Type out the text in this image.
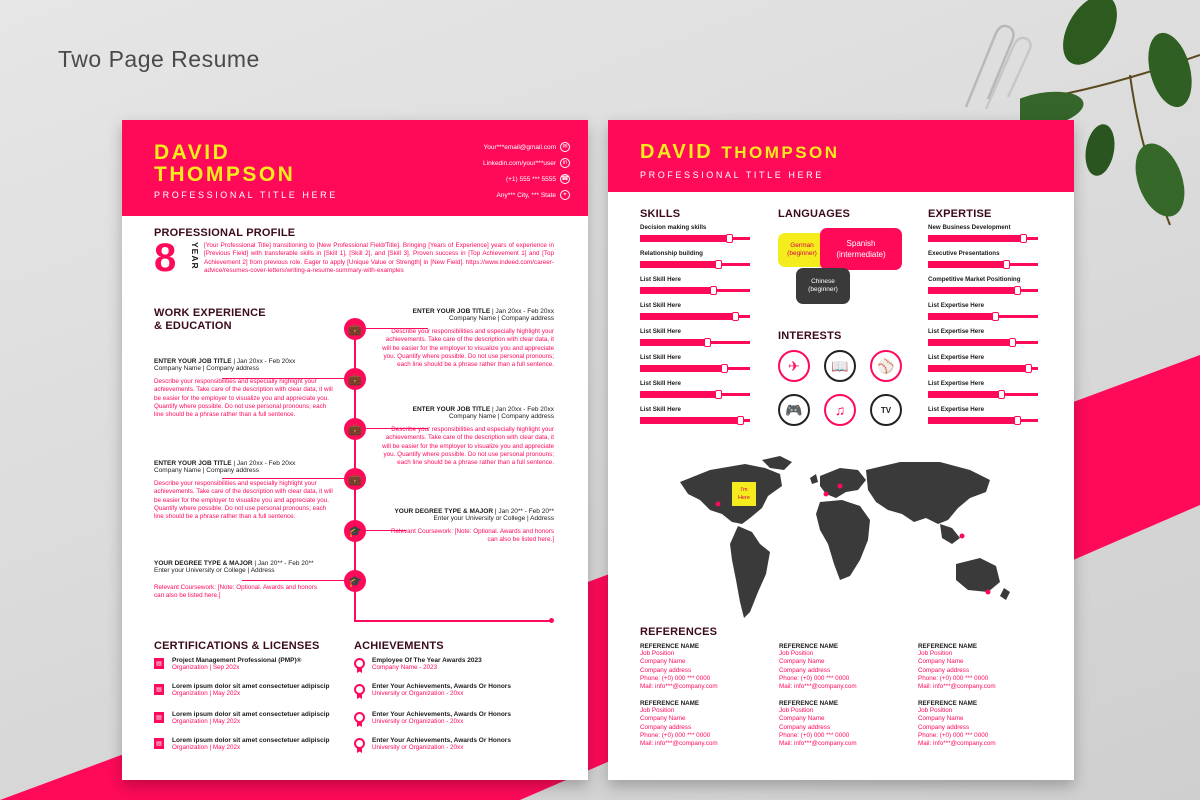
Two Page Resume
DAVID
THOMPSON
PROFESSIONAL TITLE HERE
Your***email@gmail.com	✉
Linkedin.com/your***user	in
(+1) 555 *** 5555 ☎
Any*** City, *** State	⌖
PROFESSIONAL PROFILE
8 YEAR [Your Professional Title] transitioning to [New Professional Field/Title]. Bringing [Years of Experience] years of experience in [Previous Field] with transferable skills in [Skill 1], [Skill 2], and [Skill 3]. Proven success in [Top Achievement 1] and [Top Achievement 2] from previous role. Eager to apply [Unique Value or Strength] in [New Field]. https://www.indeed.com/career-advice/resumes-cover-letters/writing-a-resume-summary-with-examples
WORK EXPERIENCE
& EDUCATION	💼
💼
💼
💼
🎓
🎓
ENTER YOUR JOB TITLE | Jan 20xx - Feb 20xx
Company Name | Company address
Describe your responsibilities and especially highlight your achievements. Take care of the description with clear data, it will be easier for the employer to visualize you and appreciate you. Quantify where possible. Do not use personal pronouns; each line should be a phrase rather than a full sentence.
ENTER YOUR JOB TITLE | Jan 20xx - Feb 20xx
Company Name | Company address
Describe your responsibilities and especially highlight your achievements. Take care of the description with clear data, it will be easier for the employer to visualize you and appreciate you. Quantify where possible. Do not use personal pronouns; each line should be a phrase rather than a full sentence.
ENTER YOUR JOB TITLE | Jan 20xx - Feb 20xx
Company Name | Company address
Describe your responsibilities and especially highlight your achievements. Take care of the description with clear data, it will be easier for the employer to visualize you and appreciate you. Quantify where possible. Do not use personal pronouns; each line should be a phrase rather than a full sentence.
ENTER YOUR JOB TITLE | Jan 20xx - Feb 20xx
Company Name | Company address
Describe your responsibilities and especially highlight your achievements. Take care of the description with clear data, it will be easier for the employer to visualize you and appreciate you. Quantify where possible. Do not use personal pronouns; each line should be a phrase rather than a full sentence.
YOUR DEGREE TYPE & MAJOR | Jan 20** - Feb 20**
Enter your University or College | Address
Relevant Coursework: [Note: Optional. Awards and honors can also be listed here.]
YOUR DEGREE TYPE & MAJOR | Jan 20** - Feb 20**
Enter your University or College | Address
Relevant Coursework: [Note: Optional. Awards and honors can also be listed here.]
CERTIFICATIONS & LICENSES
▤	Project Management Professional (PMP)®
Organization | Sep 202x
▤	Lorem ipsum dolor sit amet consectetuer adipiscip
Organization | May 202x
▤	Lorem ipsum dolor sit amet consectetuer adipiscip
Organization | May 202x
▤	Lorem ipsum dolor sit amet consectetuer adipiscip
Organization | May 202x
ACHIEVEMENTS
Employee Of The Year Awards 2023
Company Name - 2023
Enter Your Achievements, Awards Or Honors
University or Organization - 20xx
Enter Your Achievements, Awards Or Honors
University or Organization - 20xx
Enter Your Achievements, Awards Or Honors
University or Organization - 20xx
DAVID THOMPSON
PROFESSIONAL TITLE HERE
SKILLS
Decision making skills
Relationship building
List Skill Here
List Skill Here
List Skill Here
List Skill Here
List Skill Here
List Skill Here
LANGUAGES
German
(beginner)
Spanish
(intermediate)
Chinese
(beginner)
INTERESTS
✈	📖	⚾
🎮	♫	TV
EXPERTISE
New Business Development
Executive Presentations
Competitive Market Positioning
List Expertise Here
List Expertise Here
List Expertise Here
List Expertise Here
List Expertise Here
I'm
Here
REFERENCES
REFERENCE NAME
Job Position
Company Name
Company address
Phone: (+0) 000 *** 0000
Mail: info***@company.com
REFERENCE NAME
Job Position
Company Name
Company address
Phone: (+0) 000 *** 0000
Mail: info***@company.com
REFERENCE NAME
Job Position
Company Name
Company address
Phone: (+0) 000 *** 0000
Mail: info***@company.com
REFERENCE NAME
Job Position
Company Name
Company address
Phone: (+0) 000 *** 0000
Mail: info***@company.com
REFERENCE NAME
Job Position
Company Name
Company address
Phone: (+0) 000 *** 0000
Mail: info***@company.com
REFERENCE NAME
Job Position
Company Name
Company address
Phone: (+0) 000 *** 0000
Mail: info***@company.com
